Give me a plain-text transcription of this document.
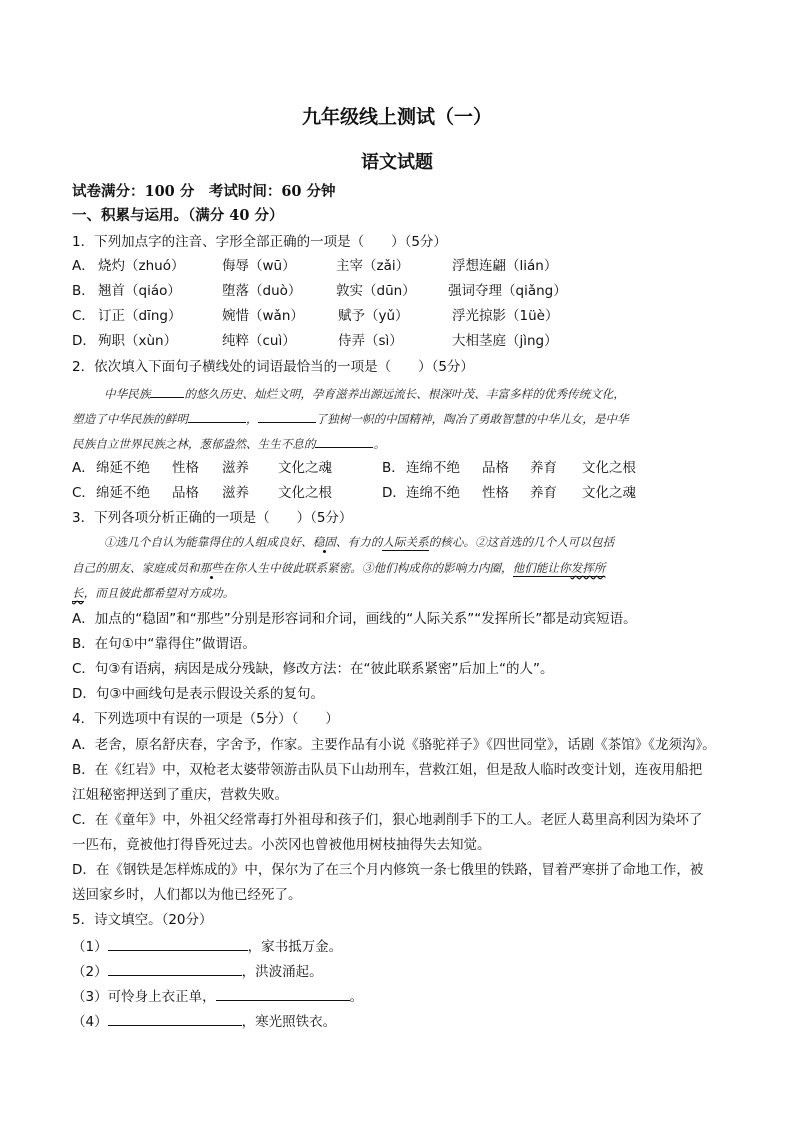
九年级线上测试（一）
语文试题
试卷满分：100 分　考试时间：60 分钟
一、积累与运用。（满分 40 分）
1．下列加点字的注音、字形全部正确的一项是（　　）（5分）
A． 烧灼（zhuó）	侮辱（wū）	主宰（zǎi）	浮想连翩（lián）
B． 翘首（qiáo）	堕落（duò）	敦实（dūn） 强词夺理（qiǎng）
C． 订正（dīng）	婉惜（wǎn）	赋予（yǔ）	浮光掠影（1üè）
D． 殉职（xùn）	纯粹（cuì）	侍弄（sì）	大相茎庭（jìng）
2．依次填入下面句子横线处的词语最恰当的一项是（　　）（5分）
中华民族	的悠久历史、灿烂文明，孕育滋养出源远流长、根深叶茂、丰富多样的优秀传统文化，
塑造了中华民族的鲜明	，	了独树一帜的中国精神，陶冶了勇敢智慧的中华儿女，是中华
民族自立世界民族之林，葱郁盎然、生生不息的	。
A． 绵延不绝 性格 滋养 文化之魂	B． 连绵不绝 品格 养育 文化之根
C． 绵延不绝 品格 滋养 文化之根	D． 连绵不绝 性格 养育 文化之魂
3．下列各项分析正确的一项是（　　）（5分）
①选几个自认为能靠得住的人组成良好、稳固、有力的人际关系的核心。②这首选的几个人可以包括
自己的朋友、家庭成员和那些在你人生中彼此联系紧密。③他们构成你的影响力内圈，他们能让你发挥所
长，而且彼此都希望对方成功。
A．加点的“稳固”和“那些”分别是形容词和介词，画线的“人际关系”“发挥所长”都是动宾短语。
B．在句①中“靠得住”做谓语。
C．句③有语病，病因是成分残缺，修改方法：在“彼此联系紧密”后加上“的人”。
D．句③中画线句是表示假设关系的复句。
4．下列选项中有误的一项是（5分）（　　）
A．老舍，原名舒庆春，字舍予，作家。主要作品有小说《骆驼祥子》《四世同堂》，话剧《茶馆》《龙须沟》。
B．在《红岩》中，双枪老太婆带领游击队员下山劫刑车，营救江姐，但是敌人临时改变计划，连夜用船把
江姐秘密押送到了重庆，营救失败。
C．在《童年》中，外祖父经常毒打外祖母和孩子们，狠心地剥削手下的工人。老匠人葛里高利因为染坏了
一匹布，竟被他打得昏死过去。小茨冈也曾被他用树枝抽得失去知觉。
D．在《钢铁是怎样炼成的》中，保尔为了在三个月内修筑一条七俄里的铁路，冒着严寒拼了命地工作，被
送回家乡时，人们都以为他已经死了。
5．诗文填空。（20分）
（1）	，家书抵万金。
（2）	，洪波涌起。
（3）可怜身上衣正单，	。
（4）	，寒光照铁衣。
